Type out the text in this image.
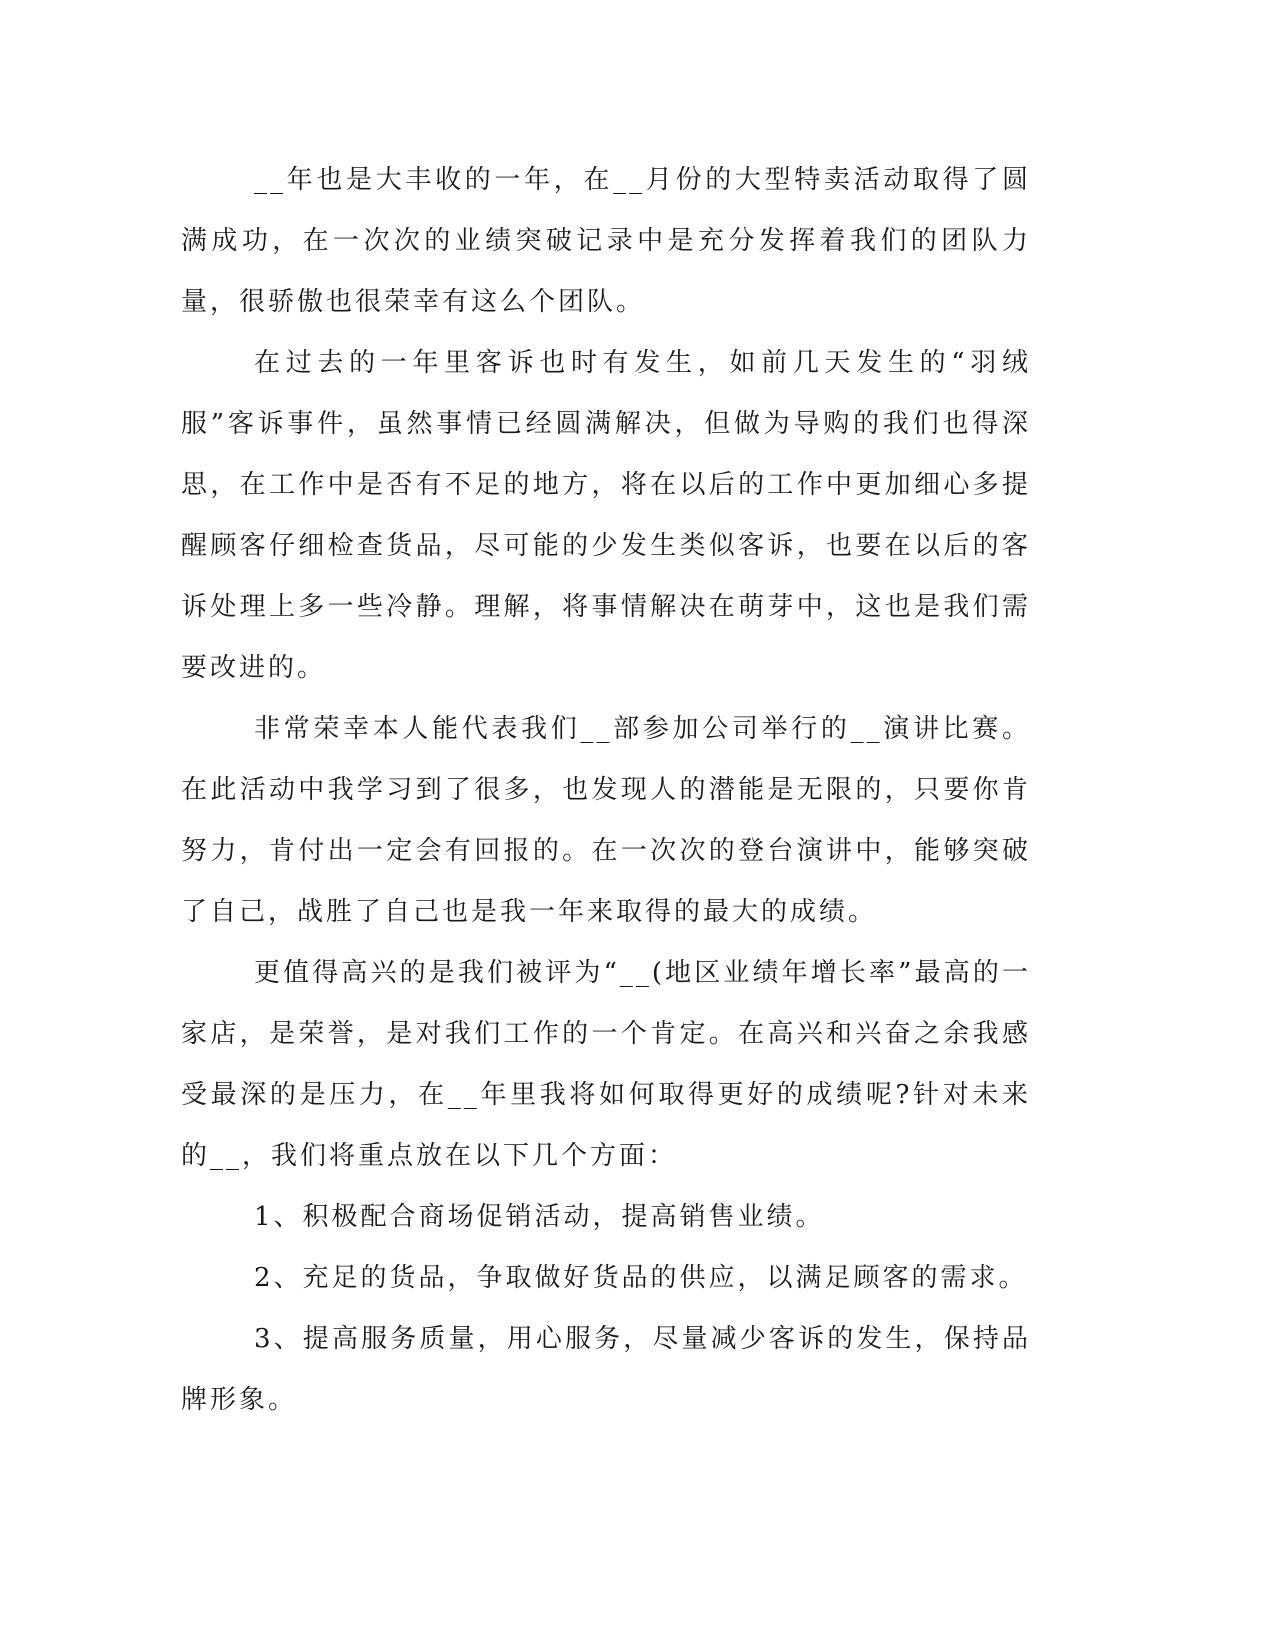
__年也是大丰收的一年，在__月份的大型特卖活动取得了圆满成功，在一次次的业绩突破记录中是充分发挥着我们的团队力量，很骄傲也很荣幸有这么个团队。

在过去的一年里客诉也时有发生，如前几天发生的“羽绒服”客诉事件，虽然事情已经圆满解决，但做为导购的我们也得深思，在工作中是否有不足的地方，将在以后的工作中更加细心多提醒顾客仔细检查货品，尽可能的少发生类似客诉，也要在以后的客诉处理上多一些冷静。理解，将事情解决在萌芽中，这也是我们需要改进的。

非常荣幸本人能代表我们__部参加公司举行的__演讲比赛。在此活动中我学习到了很多，也发现人的潜能是无限的，只要你肯努力，肯付出一定会有回报的。在一次次的登台演讲中，能够突破了自己，战胜了自己也是我一年来取得的最大的成绩。

更值得高兴的是我们被评为“__(地区业绩年增长率”最高的一家店，是荣誉，是对我们工作的一个肯定。在高兴和兴奋之余我感受最深的是压力，在__年里我将如何取得更好的成绩呢?针对未来的__，我们将重点放在以下几个方面：

1、积极配合商场促销活动，提高销售业绩。

2、充足的货品，争取做好货品的供应，以满足顾客的需求。

3、提高服务质量，用心服务，尽量减少客诉的发生，保持品牌形象。
